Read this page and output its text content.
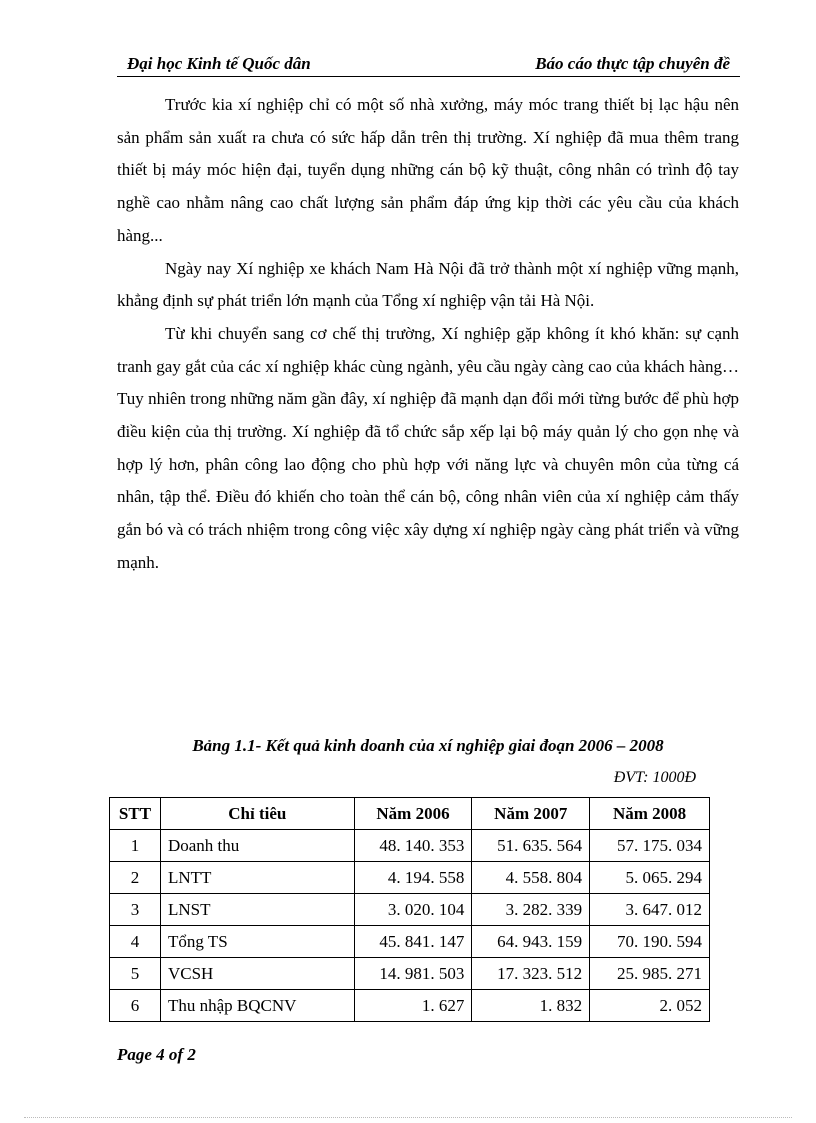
Đại học Kinh tế Quốc dân	Báo cáo thực tập chuyên đề

Trước kia xí nghiệp chỉ có một số nhà xưởng, máy móc trang thiết bị lạc hậu nên sản phẩm sản xuất ra chưa có sức hấp dẫn trên thị trường. Xí nghiệp đã mua thêm trang thiết bị máy móc hiện đại, tuyển dụng những cán bộ kỹ thuật, công nhân có trình độ tay nghề cao nhằm nâng cao chất lượng sản phẩm đáp ứng kịp thời các yêu cầu của khách hàng...

Ngày nay Xí nghiệp xe khách Nam Hà Nội đã trở thành một xí nghiệp vững mạnh, khẳng định sự phát triển lớn mạnh của Tổng xí nghiệp vận tải Hà Nội.

Từ khi chuyển sang cơ chế thị trường, Xí nghiệp gặp không ít khó khăn: sự cạnh tranh gay gắt của các xí nghiệp khác cùng ngành, yêu cầu ngày càng cao của khách hàng… Tuy nhiên trong những năm gần đây, xí nghiệp đã mạnh dạn đổi mới từng bước để phù hợp điều kiện của thị trường. Xí nghiệp đã tổ chức sắp xếp lại bộ máy quản lý cho gọn nhẹ và hợp lý hơn, phân công lao động cho phù hợp với năng lực và chuyên môn của từng cá nhân, tập thể. Điều đó khiến cho toàn thể cán bộ, công nhân viên của xí nghiệp cảm thấy gắn bó và có trách nhiệm trong công việc xây dựng xí nghiệp ngày càng phát triển và vững mạnh.

Bảng 1.1- Kết quả kinh doanh của xí nghiệp giai đoạn 2006 – 2008
ĐVT: 1000Đ
STT	Chỉ tiêu	Năm 2006	Năm 2007	Năm 2008
1	Doanh thu	48. 140. 353	51. 635. 564	57. 175. 034
2	LNTT	4. 194. 558	4. 558. 804	5. 065. 294
3	LNST	3. 020. 104	3. 282. 339	3. 647. 012
4	Tổng TS	45. 841. 147	64. 943. 159	70. 190. 594
5	VCSH	14. 981. 503	17. 323. 512	25. 985. 271
6	Thu nhập BQCNV	1. 627	1. 832	2. 052
Page 4 of 2
